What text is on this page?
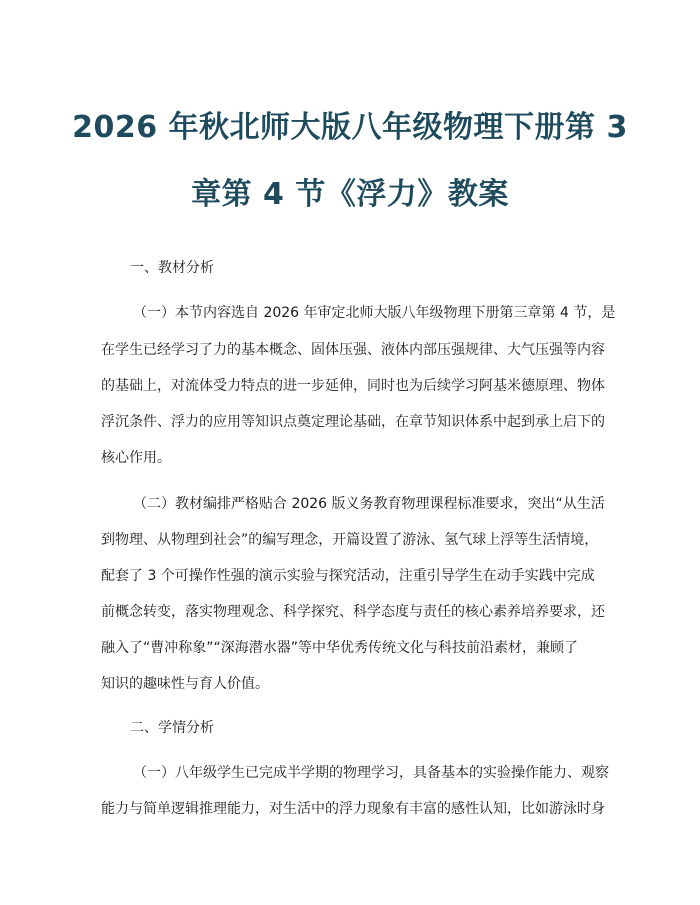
2026 年秋北师大版八年级物理下册第 3
章第 4 节《浮力》教案
一、教材分析
（一）本节内容选自 2026 年审定北师大版八年级物理下册第三章第 4 节，是
在学生已经学习了力的基本概念、固体压强、液体内部压强规律、大气压强等内容
的基础上，对流体受力特点的进一步延伸，同时也为后续学习阿基米德原理、物体
浮沉条件、浮力的应用等知识点奠定理论基础，在章节知识体系中起到承上启下的
核心作用。
（二）教材编排严格贴合 2026 版义务教育物理课程标准要求，突出“从生活
到物理、从物理到社会”的编写理念，开篇设置了游泳、氢气球上浮等生活情境，
配套了 3 个可操作性强的演示实验与探究活动，注重引导学生在动手实践中完成
前概念转变，落实物理观念、科学探究、科学态度与责任的核心素养培养要求，还
融入了“曹冲称象”“深海潜水器”等中华优秀传统文化与科技前沿素材，兼顾了
知识的趣味性与育人价值。
二、学情分析
（一）八年级学生已完成半学期的物理学习，具备基本的实验操作能力、观察
能力与简单逻辑推理能力，对生活中的浮力现象有丰富的感性认知，比如游泳时身
